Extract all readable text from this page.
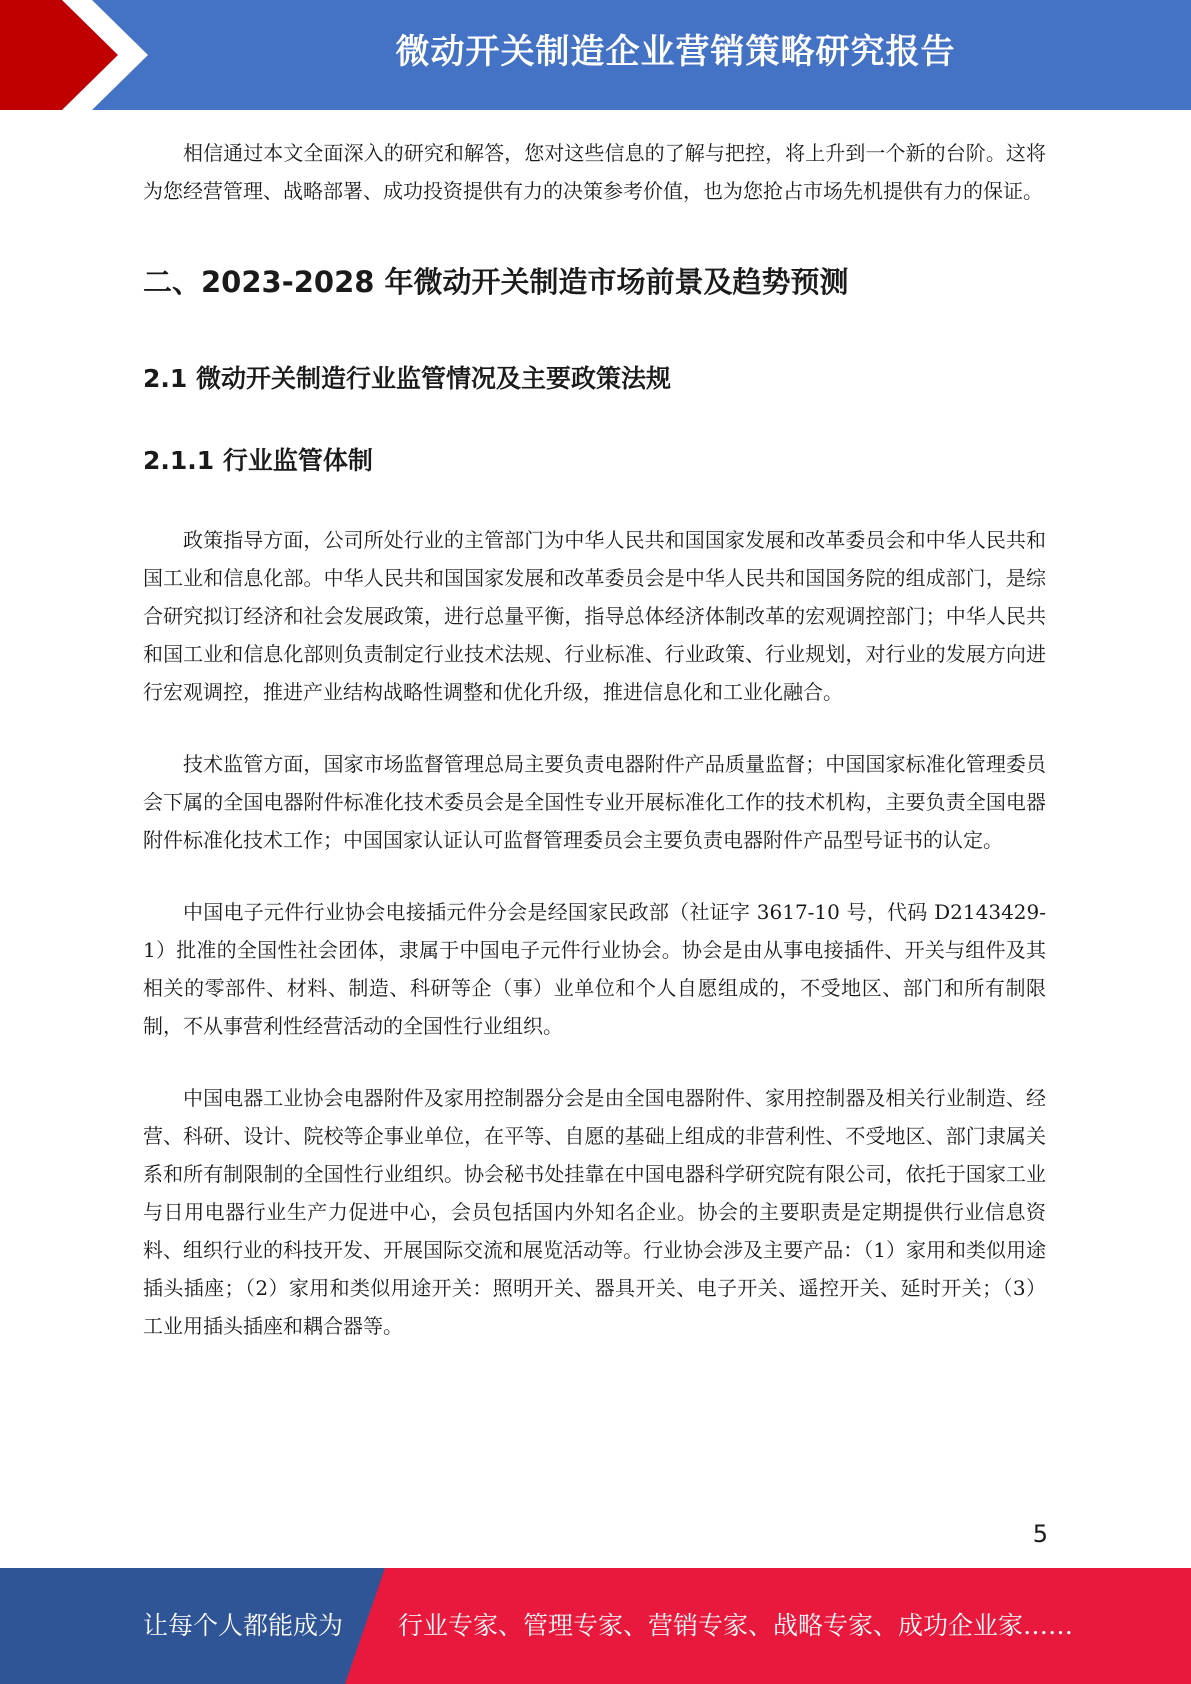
微动开关制造企业营销策略研究报告

相信通过本文全面深入的研究和解答，您对这些信息的了解与把控，将上升到一个新的台阶。这将为您经营管理、战略部署、成功投资提供有力的决策参考价值，也为您抢占市场先机提供有力的保证。

二、2023-2028 年微动开关制造市场前景及趋势预测
2.1 微动开关制造行业监管情况及主要政策法规
2.1.1 行业监管体制

政策指导方面，公司所处行业的主管部门为中华人民共和国国家发展和改革委员会和中华人民共和国工业和信息化部。中华人民共和国国家发展和改革委员会是中华人民共和国国务院的组成部门，是综合研究拟订经济和社会发展政策，进行总量平衡，指导总体经济体制改革的宏观调控部门；中华人民共和国工业和信息化部则负责制定行业技术法规、行业标准、行业政策、行业规划，对行业的发展方向进行宏观调控，推进产业结构战略性调整和优化升级，推进信息化和工业化融合。

技术监管方面，国家市场监督管理总局主要负责电器附件产品质量监督；中国国家标准化管理委员会下属的全国电器附件标准化技术委员会是全国性专业开展标准化工作的技术机构，主要负责全国电器附件标准化技术工作；中国国家认证认可监督管理委员会主要负责电器附件产品型号证书的认定。

中国电子元件行业协会电接插元件分会是经国家民政部（社证字 3617-10 号，代码 D2143429-1）批准的全国性社会团体，隶属于中国电子元件行业协会。协会是由从事电接插件、开关与组件及其相关的零部件、材料、制造、科研等企（事）业单位和个人自愿组成的，不受地区、部门和所有制限制，不从事营利性经营活动的全国性行业组织。

中国电器工业协会电器附件及家用控制器分会是由全国电器附件、家用控制器及相关行业制造、经营、科研、设计、院校等企事业单位，在平等、自愿的基础上组成的非营利性、不受地区、部门隶属关系和所有制限制的全国性行业组织。协会秘书处挂靠在中国电器科学研究院有限公司，依托于国家工业与日用电器行业生产力促进中心，会员包括国内外知名企业。协会的主要职责是定期提供行业信息资料、组织行业的科技开发、开展国际交流和展览活动等。行业协会涉及主要产品：（1）家用和类似用途插头插座；（2）家用和类似用途开关：照明开关、器具开关、电子开关、遥控开关、延时开关；（3）工业用插头插座和耦合器等。

5
让每个人都能成为 行业专家、管理专家、营销专家、战略专家、成功企业家……
